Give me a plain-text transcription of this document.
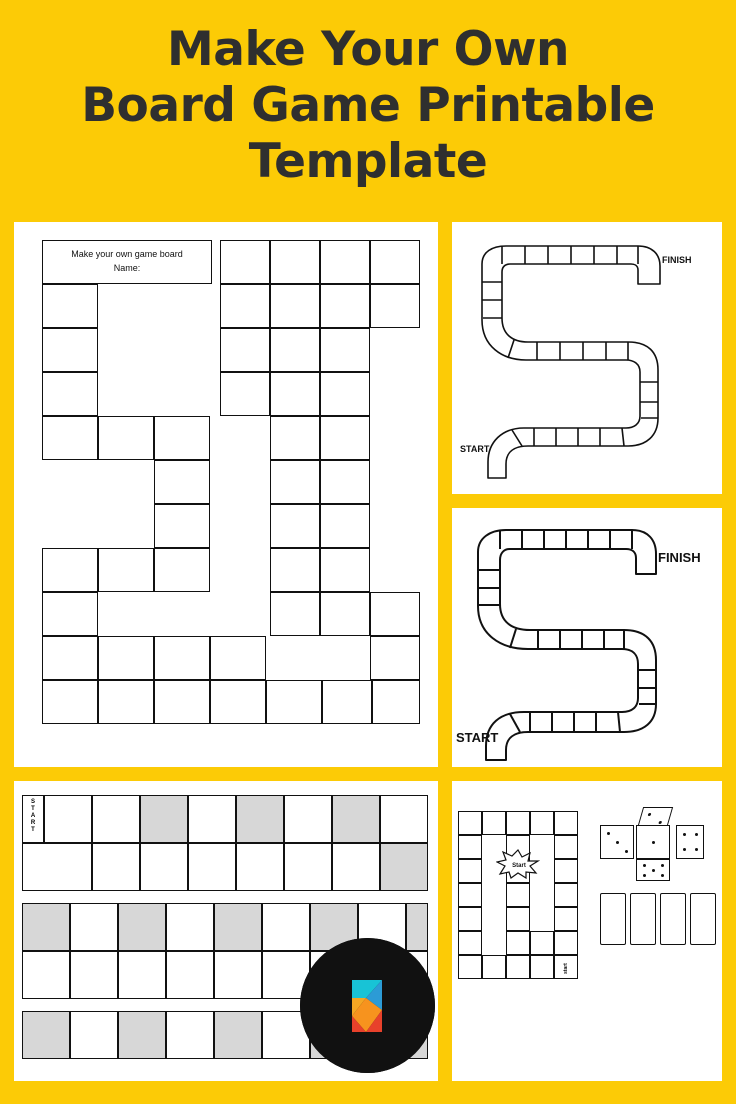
Make Your Own
Board Game Printable
Template
Make your own game board
Name:
FINISH
START
FINISH
START
S
T
A
R
T
Start
start
